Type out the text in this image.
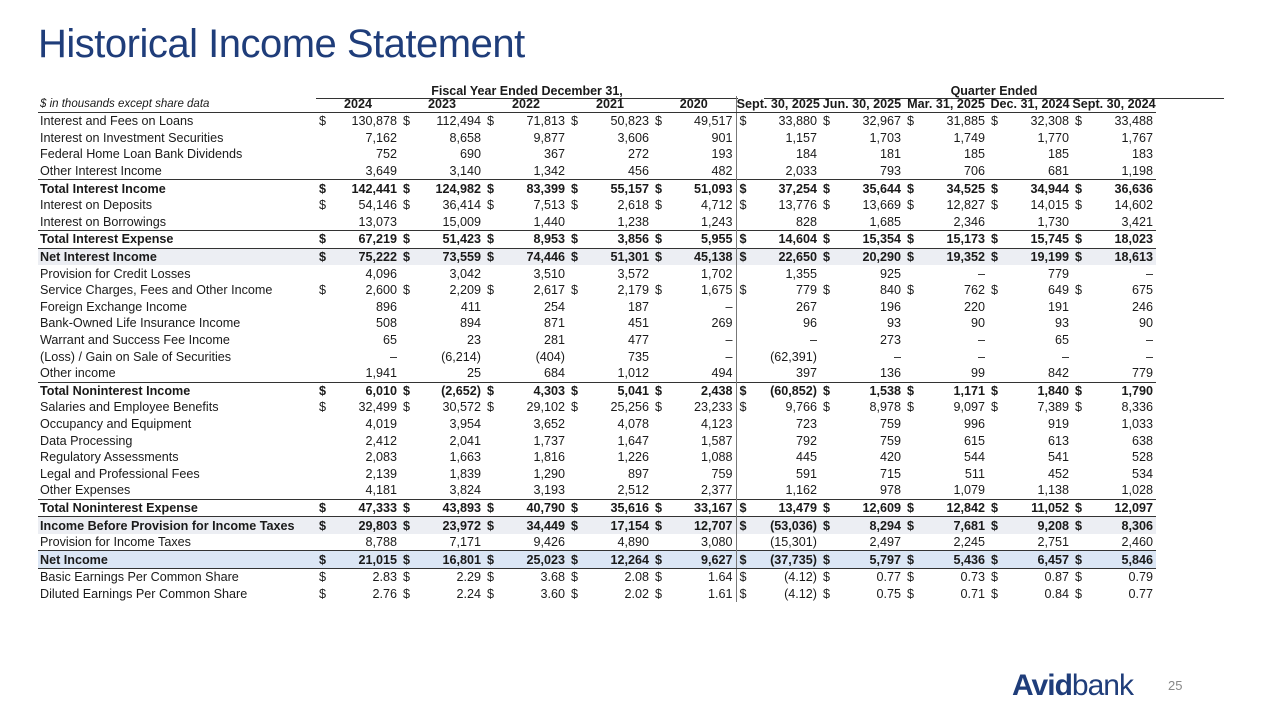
Historical Income Statement
Fiscal Year Ended December 31,	Quarter Ended
$ in thousands except share data	2024		2023		2022		2021		2020		Sept. 30, 2025		Jun. 30, 2025		Mar. 31, 2025		Dec. 31, 2024		Sept. 30, 2024	
Interest and Fees on Loans	$	130,878	$	112,494	$	71,813	$	50,823	$	49,517	$	33,880	$	32,967	$	31,885	$	32,308	$	33,488
Interest on Investment Securities		7,162		8,658		9,877		3,606		901		1,157		1,703		1,749		1,770		1,767
Federal Home Loan Bank Dividends		752		690		367		272		193		184		181		185		185		183
Other Interest Income		3,649		3,140		1,342		456		482		2,033		793		706		681		1,198
Total Interest Income	$	142,441	$	124,982	$	83,399	$	55,157	$	51,093	$	37,254	$	35,644	$	34,525	$	34,944	$	36,636
Interest on Deposits	$	54,146	$	36,414	$	7,513	$	2,618	$	4,712	$	13,776	$	13,669	$	12,827	$	14,015	$	14,602
Interest on Borrowings		13,073		15,009		1,440		1,238		1,243		828		1,685		2,346		1,730		3,421
Total Interest Expense	$	67,219	$	51,423	$	8,953	$	3,856	$	5,955	$	14,604	$	15,354	$	15,173	$	15,745	$	18,023
Net Interest Income	$	75,222	$	73,559	$	74,446	$	51,301	$	45,138	$	22,650	$	20,290	$	19,352	$	19,199	$	18,613
Provision for Credit Losses		4,096		3,042		3,510		3,572		1,702		1,355		925		–		779		–
Service Charges, Fees and Other Income	$	2,600	$	2,209	$	2,617	$	2,179	$	1,675	$	779	$	840	$	762	$	649	$	675
Foreign Exchange Income		896		411		254		187		–		267		196		220		191		246
Bank-Owned Life Insurance Income		508		894		871		451		269		96		93		90		93		90
Warrant and Success Fee Income		65		23		281		477		–		–		273		–		65		–
(Loss) / Gain on Sale of Securities		–		(6,214)		(404)		735		–		(62,391)		–		–		–		–
Other income		1,941		25		684		1,012		494		397		136		99		842		779
Total Noninterest Income	$	6,010	$	(2,652)	$	4,303	$	5,041	$	2,438	$	(60,852)	$	1,538	$	1,171	$	1,840	$	1,790
Salaries and Employee Benefits	$	32,499	$	30,572	$	29,102	$	25,256	$	23,233	$	9,766	$	8,978	$	9,097	$	7,389	$	8,336
Occupancy and Equipment		4,019		3,954		3,652		4,078		4,123		723		759		996		919		1,033
Data Processing		2,412		2,041		1,737		1,647		1,587		792		759		615		613		638
Regulatory Assessments		2,083		1,663		1,816		1,226		1,088		445		420		544		541		528
Legal and Professional Fees		2,139		1,839		1,290		897		759		591		715		511		452		534
Other Expenses		4,181		3,824		3,193		2,512		2,377		1,162		978		1,079		1,138		1,028
Total Noninterest Expense	$	47,333	$	43,893	$	40,790	$	35,616	$	33,167	$	13,479	$	12,609	$	12,842	$	11,052	$	12,097
Income Before Provision for Income Taxes	$	29,803	$	23,972	$	34,449	$	17,154	$	12,707	$	(53,036)	$	8,294	$	7,681	$	9,208	$	8,306
Provision for Income Taxes		8,788		7,171		9,426		4,890		3,080		(15,301)		2,497		2,245		2,751		2,460
Net Income	$	21,015	$	16,801	$	25,023	$	12,264	$	9,627	$	(37,735)	$	5,797	$	5,436	$	6,457	$	5,846
Basic Earnings Per Common Share	$	2.83	$	2.29	$	3.68	$	2.08	$	1.64	$	(4.12)	$	0.77	$	0.73	$	0.87	$	0.79
Diluted Earnings Per Common Share	$	2.76	$	2.24	$	3.60	$	2.02	$	1.61	$	(4.12)	$	0.75	$	0.71	$	0.84	$	0.77
Avidbank	25
